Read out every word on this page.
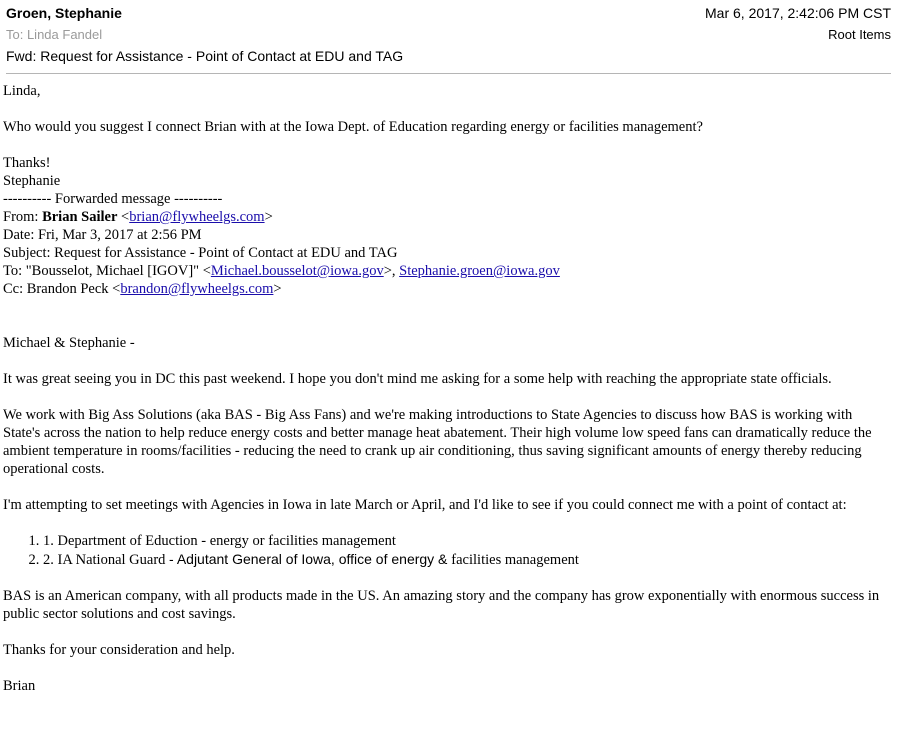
Groen, Stephanie
To: Linda Fandel
Fwd: Request for Assistance - Point of Contact at EDU and TAG
Mar 6, 2017, 2:42:06 PM CST
Root Items

Linda,

Who would you suggest I connect Brian with at the Iowa Dept. of Education regarding energy or facilities management?

Thanks!

Stephanie

---------- Forwarded message ----------

From: Brian Sailer <brian@flywheelgs.com>

Date: Fri, Mar 3, 2017 at 2:56 PM

Subject: Request for Assistance - Point of Contact at EDU and TAG

To: "Bousselot, Michael [IGOV]" <Michael.bousselot@iowa.gov>, Stephanie.groen@iowa.gov

Cc: Brandon Peck <brandon@flywheelgs.com>

Michael & Stephanie -

It was great seeing you in DC this past weekend. I hope you don't mind me asking for a some help with reaching the appropriate state officials.

We work with Big Ass Solutions (aka BAS - Big Ass Fans) and we're making introductions to State Agencies to discuss how BAS is working with State's across the nation to help reduce energy costs and better manage heat abatement. Their high volume low speed fans can dramatically reduce the ambient temperature in rooms/facilities - reducing the need to crank up air conditioning, thus saving significant amounts of energy thereby reducing operational costs.

I'm attempting to set meetings with Agencies in Iowa in late March or April, and I'd like to see if you could connect me with a point of contact at:

1. 1. Department of Eduction - energy or facilities management
2. 2. IA National Guard - Adjutant General of Iowa, office of energy & facilities management

BAS is an American company, with all products made in the US. An amazing story and the company has grow exponentially with enormous success in public sector solutions and cost savings.

Thanks for your consideration and help.

Brian
